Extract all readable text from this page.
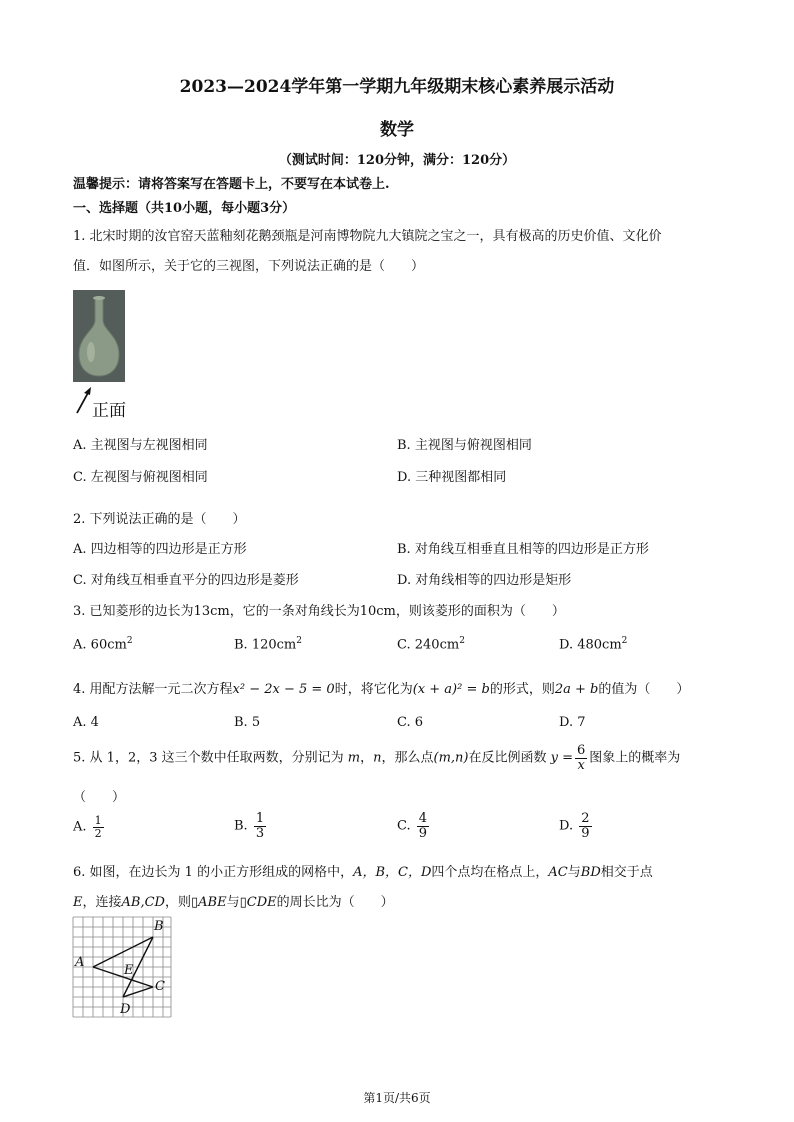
2023—2024学年第一学期九年级期末核心素养展示活动
数学
（测试时间：120分钟，满分：120分）
温馨提示：请将答案写在答题卡上，不要写在本试卷上.
一、选择题（共10小题，每小题3分）
1. 北宋时期的汝官窑天蓝釉刻花鹅颈瓶是河南博物院九大镇院之宝之一，具有极高的历史价值、文化价
值．如图所示，关于它的三视图，下列说法正确的是（　　）
正面
A. 主视图与左视图相同	B. 主视图与俯视图相同
C. 左视图与俯视图相同	D. 三种视图都相同
2. 下列说法正确的是（　　）
A. 四边相等的四边形是正方形	B. 对角线互相垂直且相等的四边形是正方形
C. 对角线互相垂直平分的四边形是菱形	D. 对角线相等的四边形是矩形
3. 已知菱形的边长为13cm，它的一条对角线长为10cm，则该菱形的面积为（　　）
A. $60cm^2$	B. $120cm^2$	C. $240cm^2$	D. $480cm^2$
4. 用配方法解一元二次方程x² − 2x − 5 = 0时，将它化为(x + a)² = b的形式，则2a + b的值为（　　）
A. 4	B. 5	C. 6	D. 7
5. 从 1，2，3 这三个数中任取两数，分别记为 m，n，那么点(m,n)在反比例函数 $y = \frac{6}{x}$ 图象上的概率为
（　　）
A. $\frac{1}{2}$	B. $\frac{1}{3}$	C. $\frac{4}{9}$	D. $\frac{2}{9}$
6. 如图，在边长为 1 的小正方形组成的网格中，A，B，C，D四个点均在格点上，AC与BD相交于点
E，连接AB,CD，则▯ABE与▯CDE的周长比为（　　）
A
B
C
D
E
第1页/共6页
